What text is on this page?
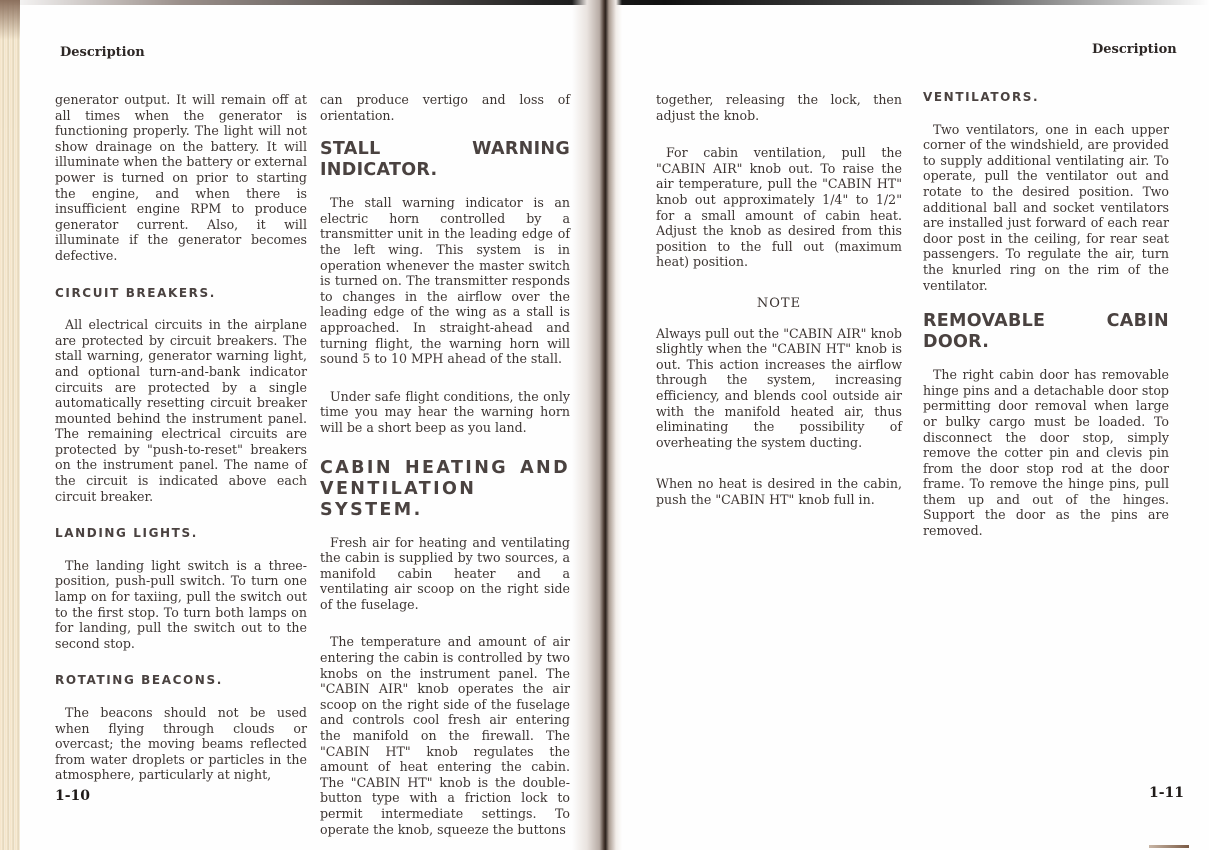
Description

generator output. It will remain off at all times when the generator is functioning properly. The light will not show drainage on the battery. It will illuminate when the battery or external power is turned on prior to starting the engine, and when there is insufficient engine RPM to produce generator current. Also, it will illuminate if the generator becomes defective.

CIRCUIT BREAKERS.

All electrical circuits in the airplane are protected by circuit breakers. The stall warning, generator warning light, and optional turn-and-bank indicator circuits are protected by a single automatically resetting circuit breaker mounted behind the instrument panel. The remaining electrical circuits are protected by "push-to-reset" breakers on the instrument panel. The name of the circuit is indicated above each circuit breaker.

LANDING LIGHTS.

The landing light switch is a three-position, push-pull switch. To turn one lamp on for taxiing, pull the switch out to the first stop. To turn both lamps on for landing, pull the switch out to the second stop.

ROTATING BEACONS.

The beacons should not be used when flying through clouds or overcast; the moving beams reflected from water droplets or particles in the atmosphere, particularly at night,

can produce vertigo and loss of orientation.

STALL WARNING INDICATOR.

The stall warning indicator is an electric horn controlled by a transmitter unit in the leading edge of the left wing. This system is in operation whenever the master switch is turned on. The transmitter responds to changes in the airflow over the leading edge of the wing as a stall is approached. In straight-ahead and turning flight, the warning horn will sound 5 to 10 MPH ahead of the stall.

Under safe flight conditions, the only time you may hear the warning horn will be a short beep as you land.

CABIN HEATING AND VENTILATION SYSTEM.

Fresh air for heating and ventilating the cabin is supplied by two sources, a manifold cabin heater and a ventilating air scoop on the right side of the fuselage.

The temperature and amount of air entering the cabin is controlled by two knobs on the instrument panel. The "CABIN AIR" knob operates the air scoop on the right side of the fuselage and controls cool fresh air entering the manifold on the firewall. The "CABIN HT" knob regulates the amount of heat entering the cabin. The "CABIN HT" knob is the double-button type with a friction lock to permit intermediate settings. To operate the knob, squeeze the buttons

1-10
Description

together, releasing the lock, then adjust the knob.

For cabin ventilation, pull the "CABIN AIR" knob out. To raise the air temperature, pull the "CABIN HT" knob out approximately 1/4" to 1/2" for a small amount of cabin heat. Adjust the knob as desired from this position to the full out (maximum heat) position.

NOTE

Always pull out the "CABIN AIR" knob slightly when the "CABIN HT" knob is out. This action increases the airflow through the system, increasing efficiency, and blends cool outside air with the manifold heated air, thus eliminating the possibility of overheating the system ducting.

When no heat is desired in the cabin, push the "CABIN HT" knob full in.

VENTILATORS.

Two ventilators, one in each upper corner of the windshield, are provided to supply additional ventilating air. To operate, pull the ventilator out and rotate to the desired position. Two additional ball and socket ventilators are installed just forward of each rear door post in the ceiling, for rear seat passengers. To regulate the air, turn the knurled ring on the rim of the ventilator.

REMOVABLE CABIN DOOR.

The right cabin door has removable hinge pins and a detachable door stop permitting door removal when large or bulky cargo must be loaded. To disconnect the door stop, simply remove the cotter pin and clevis pin from the door stop rod at the door frame. To remove the hinge pins, pull them up and out of the hinges. Support the door as the pins are removed.

1-11
